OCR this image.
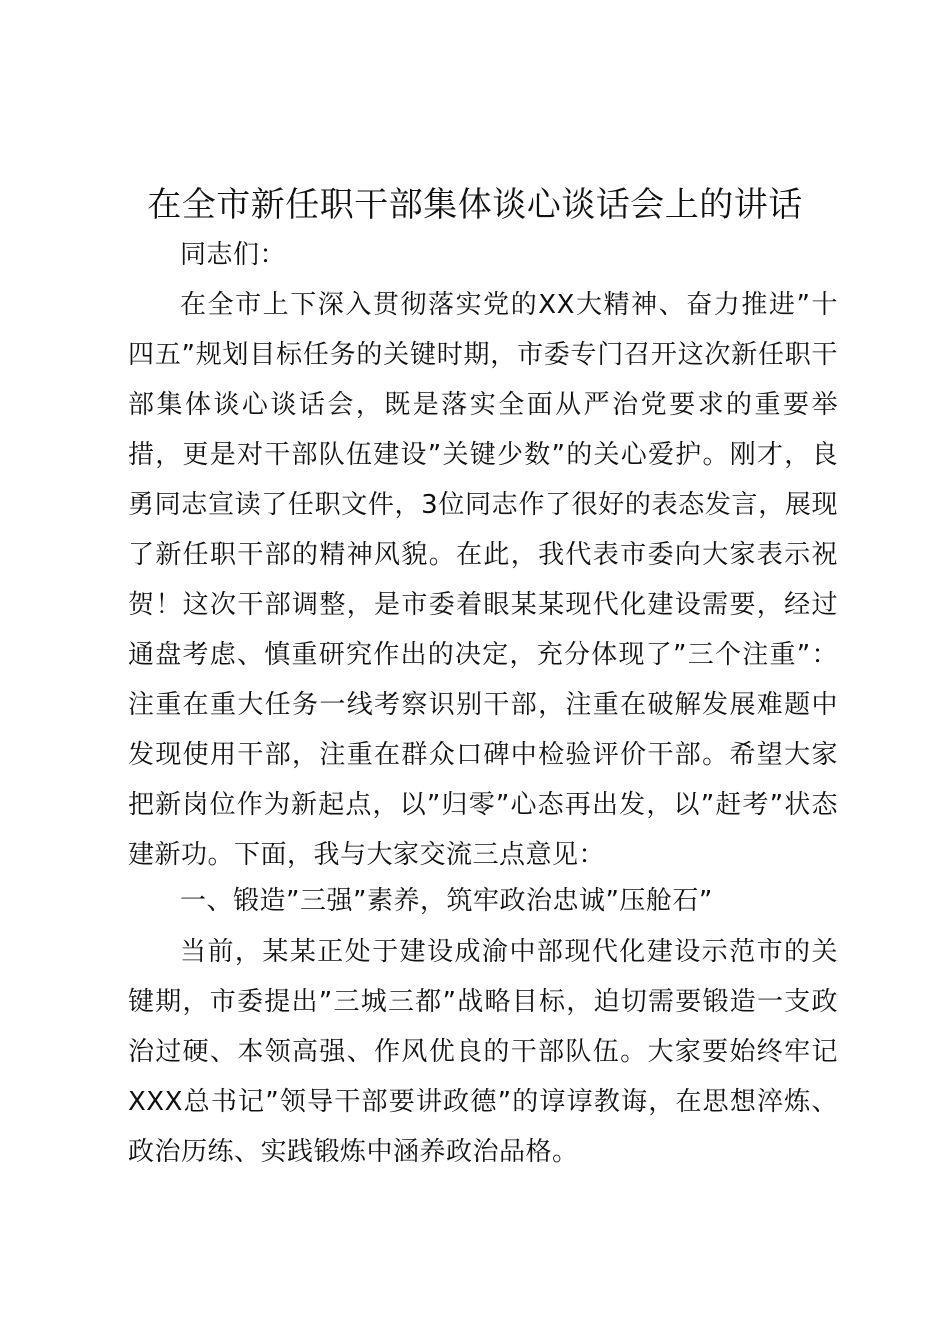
在全市新任职干部集体谈心谈话会上的讲话

同志们：

在全市上下深入贯彻落实党的XX大精神、奋力推进”十四五”规划目标任务的关键时期，市委专门召开这次新任职干部集体谈心谈话会，既是落实全面从严治党要求的重要举措，更是对干部队伍建设”关键少数”的关心爱护。刚才，良勇同志宣读了任职文件，3位同志作了很好的表态发言，展现了新任职干部的精神风貌。在此，我代表市委向大家表示祝贺！这次干部调整，是市委着眼某某现代化建设需要，经过通盘考虑、慎重研究作出的决定，充分体现了”三个注重”：注重在重大任务一线考察识别干部，注重在破解发展难题中发现使用干部，注重在群众口碑中检验评价干部。希望大家把新岗位作为新起点，以”归零”心态再出发，以”赶考”状态建新功。下面，我与大家交流三点意见：

一、锻造”三强”素养，筑牢政治忠诚”压舱石”

当前，某某正处于建设成渝中部现代化建设示范市的关键期，市委提出”三城三都”战略目标，迫切需要锻造一支政治过硬、本领高强、作风优良的干部队伍。大家要始终牢记XXX总书记”领导干部要讲政德”的谆谆教诲，在思想淬炼、政治历练、实践锻炼中涵养政治品格。
